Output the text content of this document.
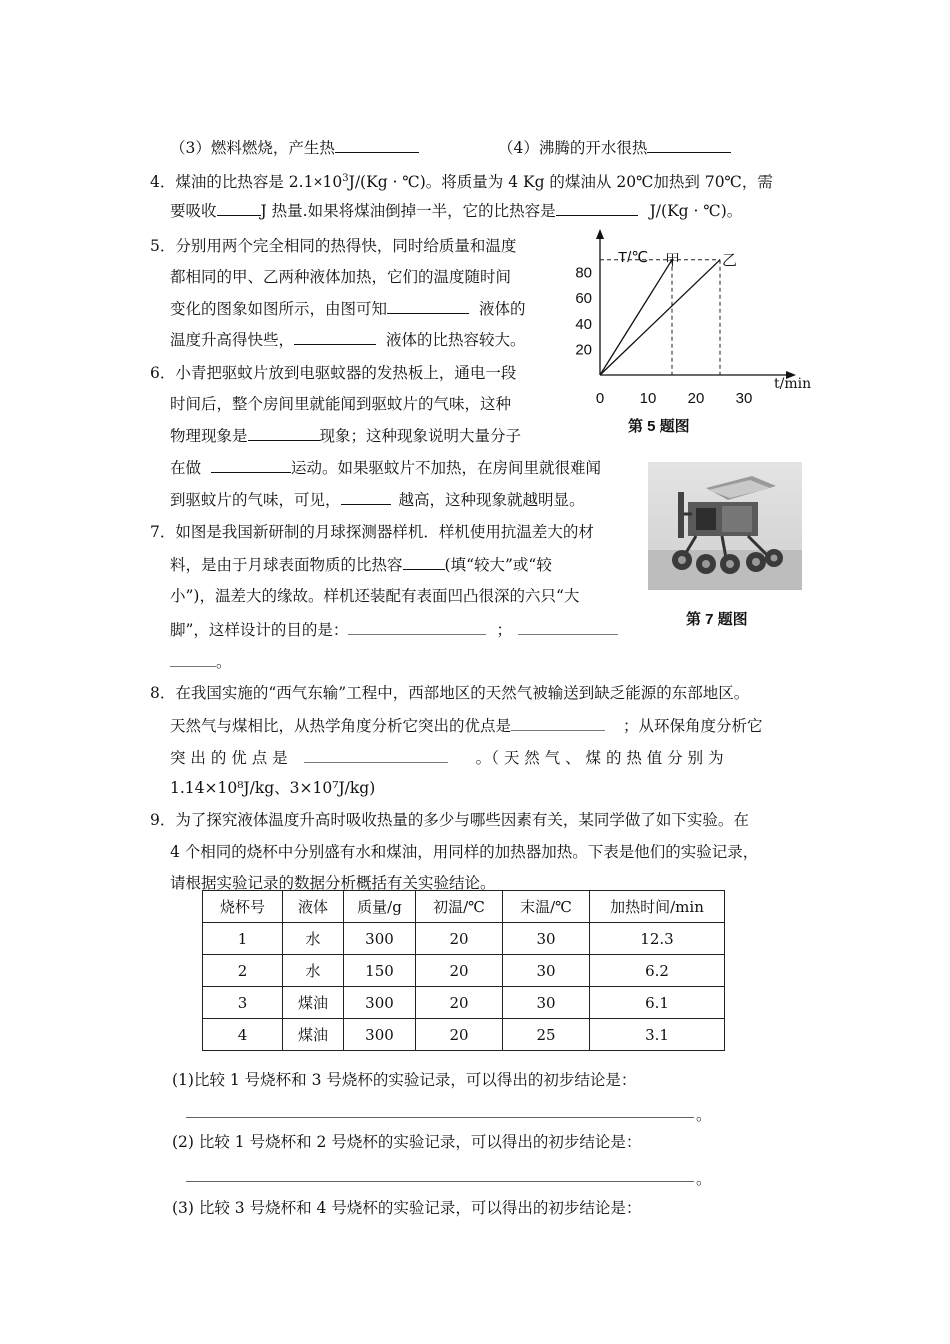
（3）燃料燃烧，产生热	（4）沸腾的开水很热
4．煤油的比热容是 $2.1\times 10^3J/(Kg$ · ℃)。将质量为 4 Kg 的煤油从 20℃加热到 70℃，需
要吸收	J 热量.如果将煤油倒掉一半，它的比热容是	J/(Kg · ℃)。
5．分别用两个完全相同的热得快，同时给质量和温度
都相同的甲、乙两种液体加热，它们的温度随时间
变化的图象如图所示，由图可知	液体的
温度升高得快些，	液体的比热容较大。
T/℃
t/min
80
60
40
20
0 10 20 30
甲	乙
第 5 题图
6．小青把驱蚊片放到电驱蚊器的发热板上，通电一段
时间后，整个房间里就能闻到驱蚊片的气味，这种
物理现象是	现象；这种现象说明大量分子
在做	运动。如果驱蚊片不加热，在房间里就很难闻
到驱蚊片的气味，可见，	越高，这种现象就越明显。
第 7 题图
7．如图是我国新研制的月球探测器样机．样机使用抗温差大的材
料，是由于月球表面物质的比热容	(填“较大”或“较
小”)，温差大的缘故。样机还装配有表面凹凸很深的六只“大
脚”，这样设计的目的是：	；
。
8．在我国实施的“西气东输”工程中，西部地区的天然气被输送到缺乏能源的东部地区。
天然气与煤相比，从热学角度分析它突出的优点是	；从环保角度分析它
突 出 的 优 点 是	。（ 天 然 气 、 煤 的 热 值 分 别 为
1.14×10⁸J/kg、3×10⁷J/kg)
9．为了探究液体温度升高时吸收热量的多少与哪些因素有关，某同学做了如下实验。在
4 个相同的烧杯中分别盛有水和煤油，用同样的加热器加热。下表是他们的实验记录，
请根据实验记录的数据分析概括有关实验结论。
烧杯号	液体	质量/g	初温/℃	末温/℃	加热时间/min
1	水	300	20	30	12.3
2	水	150	20	30	6.2
3	煤油	300	20	30	6.1
4	煤油	300	20	25	3.1
(1)比较 1 号烧杯和 3 号烧杯的实验记录，可以得出的初步结论是：
。
(2) 比较 1 号烧杯和 2 号烧杯的实验记录，可以得出的初步结论是：
。
(3) 比较 3 号烧杯和 4 号烧杯的实验记录，可以得出的初步结论是：
